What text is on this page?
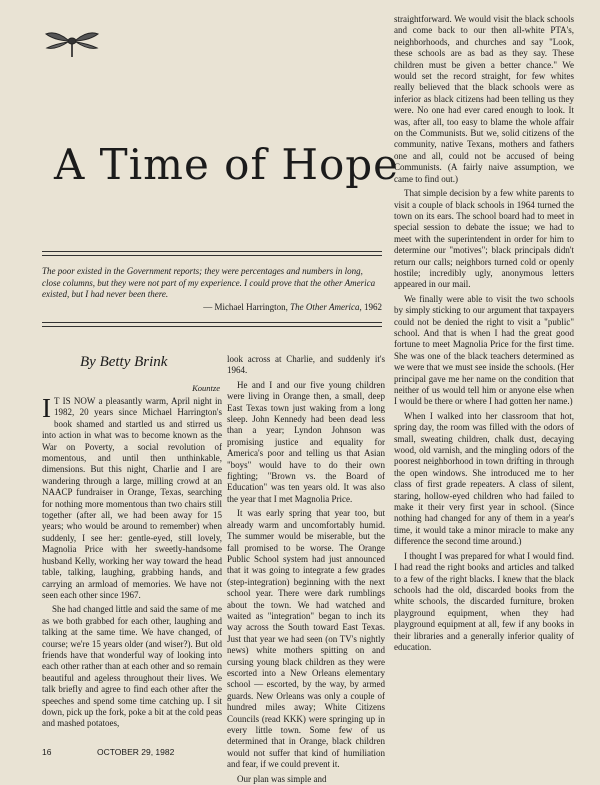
A Time of Hope
The poor existed in the Government reports; they were percentages and numbers in long, close columns, but they were not part of my experience. I could prove that the other America existed, but I had never been there.
— Michael Harrington, The Other America, 1962
By Betty Brink
Kountze

I T IS NOW a pleasantly warm, April night in 1982, 20 years since Michael Harrington's book shamed and startled us and stirred us into action in what was to become known as the War on Poverty, a social revolution of momentous, and until then unthinkable, dimensions. But this night, Charlie and I are wandering through a large, milling crowd at an NAACP fundraiser in Orange, Texas, searching for nothing more momentous than two chairs still together (after all, we had been away for 15 years; who would be around to remember) when suddenly, I see her: gentle-eyed, still lovely, Magnolia Price with her sweetly-handsome husband Kelly, working her way toward the head table, talking, laughing, grabbing hands, and carrying an armload of memories. We have not seen each other since 1967.

She had changed little and said the same of me as we both grabbed for each other, laughing and talking at the same time. We have changed, of course; we're 15 years older (and wiser?). But old friends have that wonderful way of looking into each other rather than at each other and so remain beautiful and ageless throughout their lives. We talk briefly and agree to find each other after the speeches and spend some time catching up. I sit down, pick up the fork, poke a bit at the cold peas and mashed potatoes,

look across at Charlie, and suddenly it's 1964.

He and I and our five young children were living in Orange then, a small, deep East Texas town just waking from a long sleep. John Kennedy had been dead less than a year; Lyndon Johnson was promising justice and equality for America's poor and telling us that Asian "boys" would have to do their own fighting; "Brown vs. the Board of Education" was ten years old. It was also the year that I met Magnolia Price.

It was early spring that year too, but already warm and uncomfortably humid. The summer would be miserable, but the fall promised to be worse. The Orange Public School system had just announced that it was going to integrate a few grades (step-integration) beginning with the next school year. There were dark rumblings about the town. We had watched and waited as "integration" began to inch its way across the South toward East Texas. Just that year we had seen (on TV's nightly news) white mothers spitting on and cursing young black children as they were escorted into a New Orleans elementary school — escorted, by the way, by armed guards. New Orleans was only a couple of hundred miles away; White Citizens Councils (read KKK) were springing up in every little town. Some few of us determined that in Orange, black children would not suffer that kind of humiliation and fear, if we could prevent it.

Our plan was simple and

straightforward. We would visit the black schools and come back to our then all-white PTA's, neighborhoods, and churches and say "Look, these schools are as bad as they say. These children must be given a better chance." We would set the record straight, for few whites really believed that the black schools were as inferior as black citizens had been telling us they were. No one had ever cared enough to look. It was, after all, too easy to blame the whole affair on the Communists. But we, solid citizens of the community, native Texans, mothers and fathers one and all, could not be accused of being Communists. (A fairly naive assumption, we came to find out.)

That simple decision by a few white parents to visit a couple of black schools in 1964 turned the town on its ears. The school board had to meet in special session to debate the issue; we had to meet with the superintendent in order for him to determine our "motives"; black principals didn't return our calls; neighbors turned cold or openly hostile; incredibly ugly, anonymous letters appeared in our mail.

We finally were able to visit the two schools by simply sticking to our argument that taxpayers could not be denied the right to visit a "public" school. And that is when I had the great good fortune to meet Magnolia Price for the first time. She was one of the black teachers determined as we were that we must see inside the schools. (Her principal gave me her name on the condition that neither of us would tell him or anyone else when I would be there or where I had gotten her name.)

When I walked into her classroom that hot, spring day, the room was filled with the odors of small, sweating children, chalk dust, decaying wood, old varnish, and the mingling odors of the poorest neighborhood in town drifting in through the open windows. She introduced me to her class of first grade repeaters. A class of silent, staring, hollow-eyed children who had failed to make it their very first year in school. (Since nothing had changed for any of them in a year's time, it would take a minor miracle to make any difference the second time around.)

I thought I was prepared for what I would find. I had read the right books and articles and talked to a few of the right blacks. I knew that the black schools had the old, discarded books from the white schools, the discarded furniture, broken playground equipment, when they had playground equipment at all, few if any books in their libraries and a generally inferior quality of education.

16	OCTOBER 29, 1982
